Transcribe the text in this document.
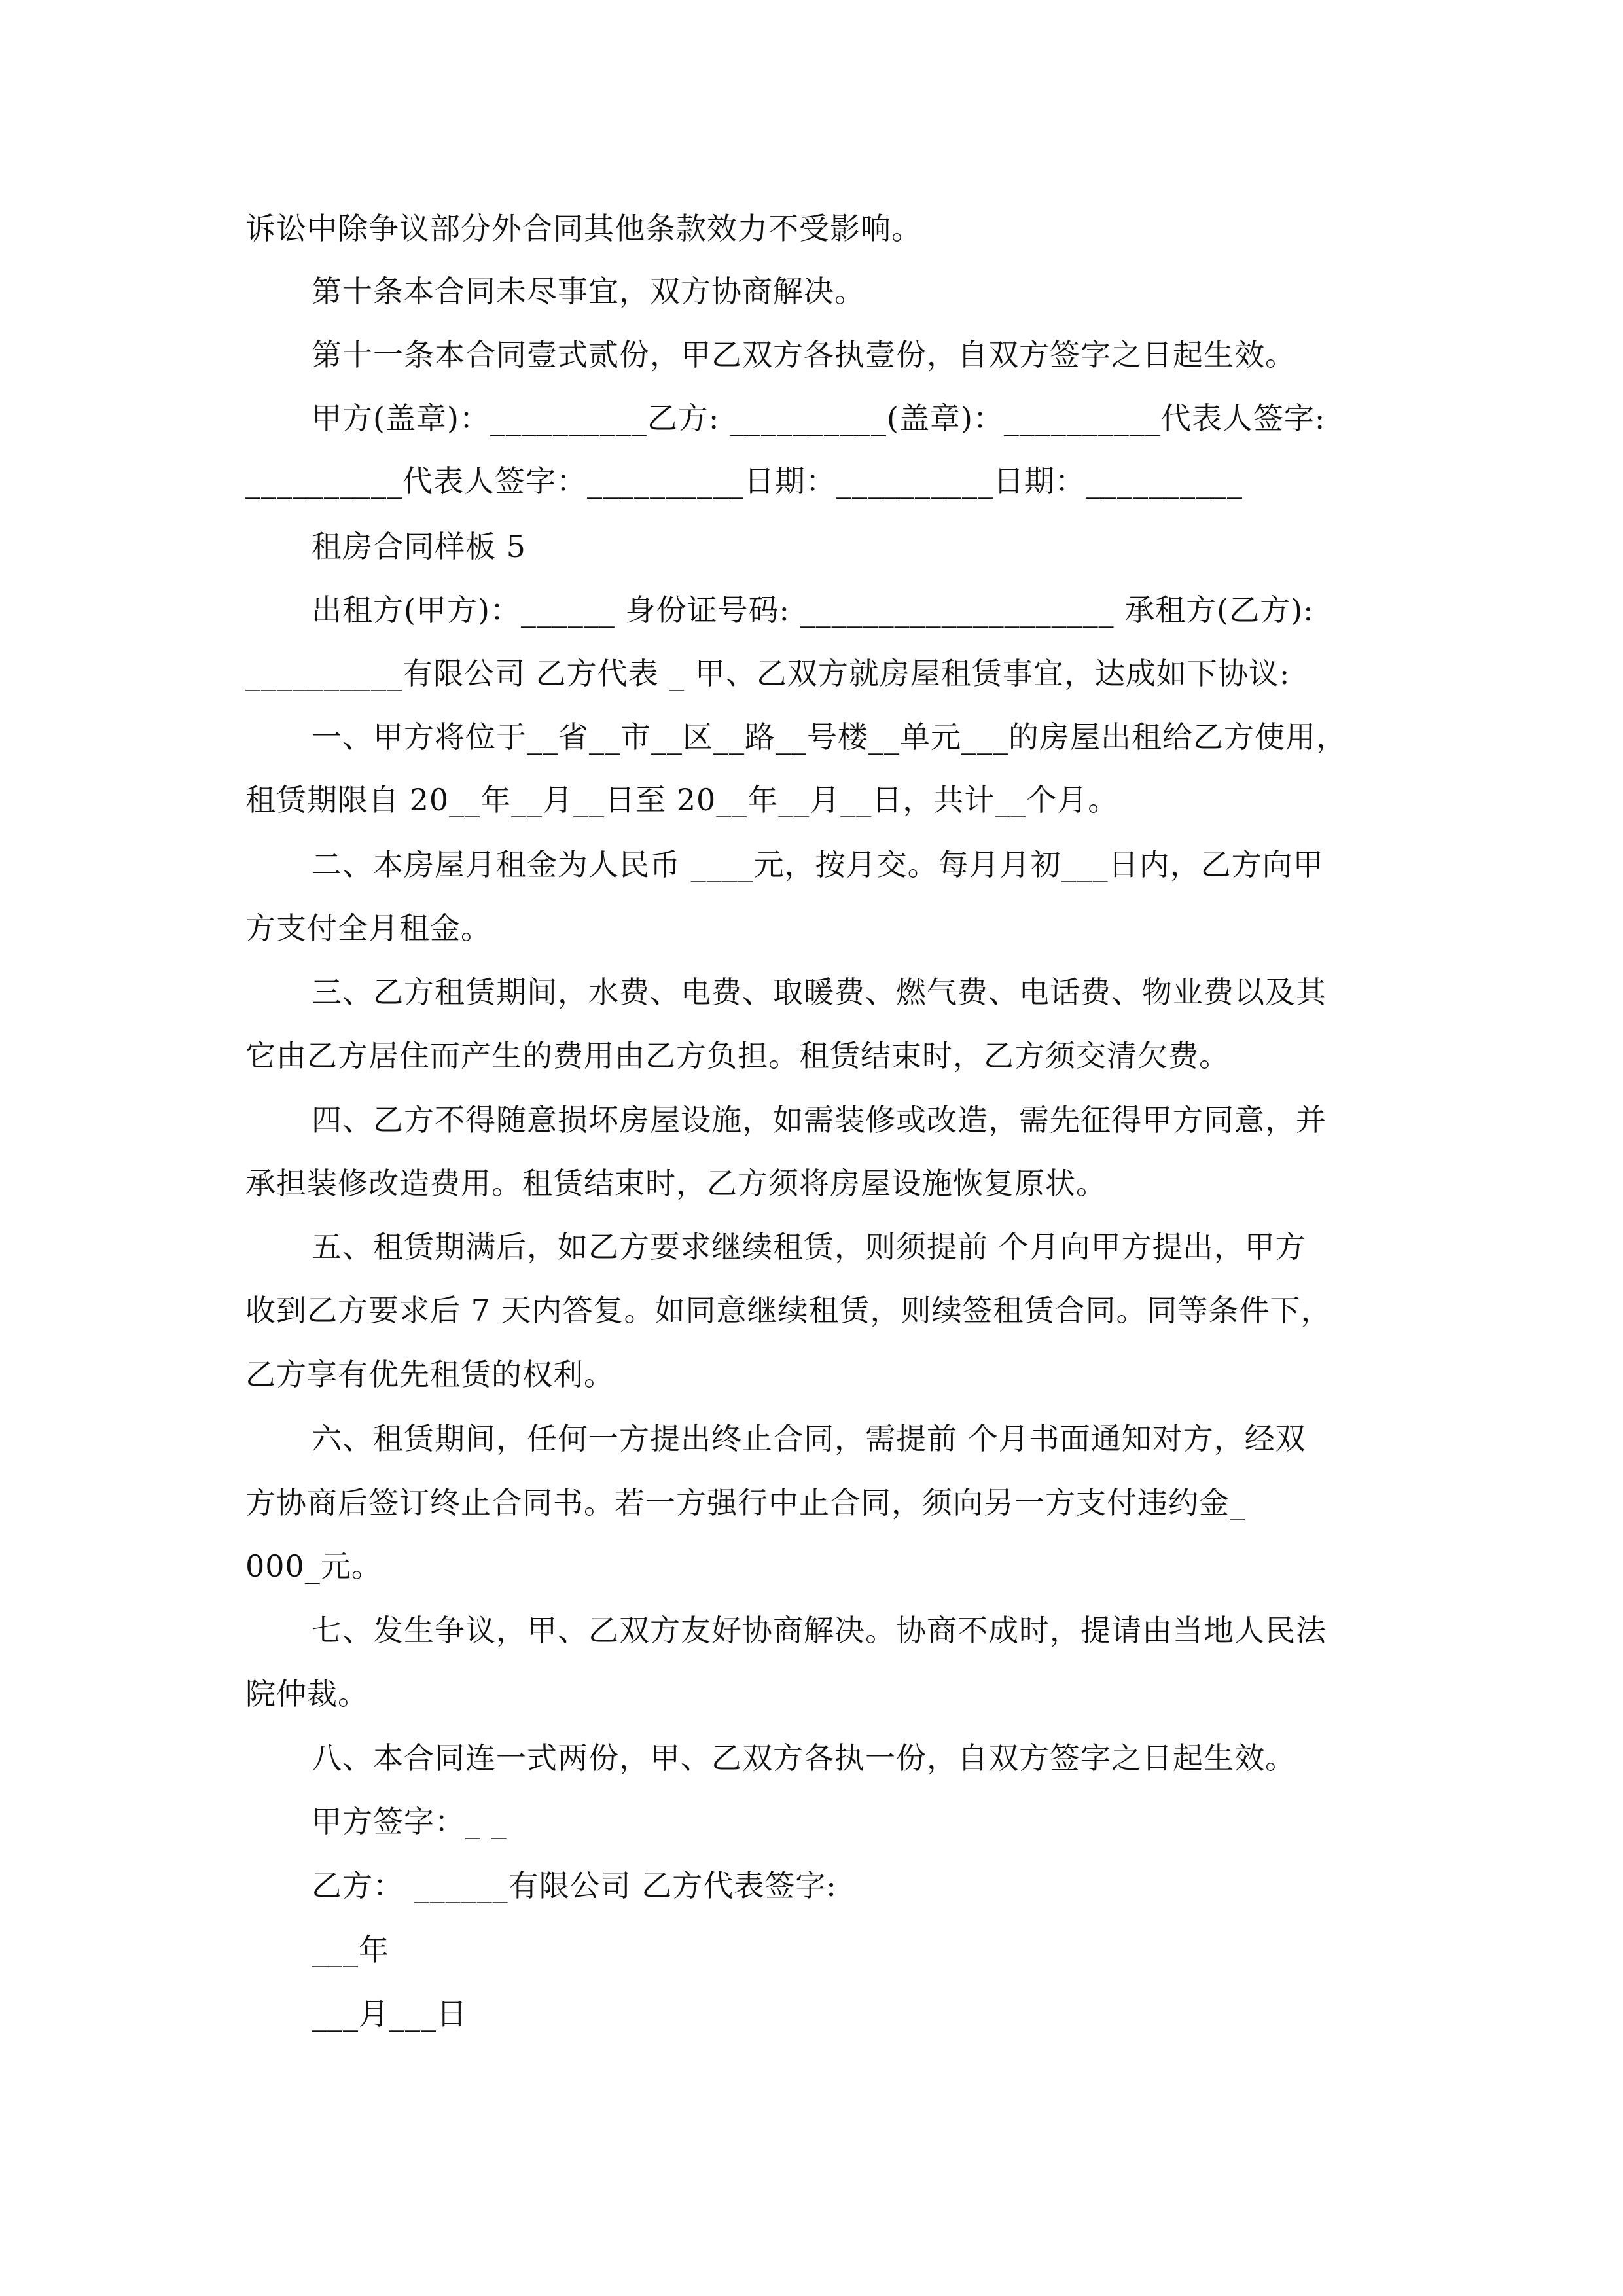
诉讼中除争议部分外合同其他条款效力不受影响。
第十条本合同未尽事宜，双方协商解决。
第十一条本合同壹式贰份，甲乙双方各执壹份，自双方签字之日起生效。
甲方(盖章)：__________乙方: __________(盖章)：__________代表人签字:
__________代表人签字：__________日期：__________日期：__________
租房合同样板 5
出租方(甲方)：______ 身份证号码: ____________________ 承租方(乙方):
__________有限公司 乙方代表 _ 甲、乙双方就房屋租赁事宜，达成如下协议:
一、甲方将位于__省__市__区__路__号楼__单元___的房屋出租给乙方使用，
租赁期限自 20__年__月__日至 20__年__月__日，共计__个月。
二、本房屋月租金为人民币 ____元，按月交。每月月初___日内，乙方向甲
方支付全月租金。
三、乙方租赁期间，水费、电费、取暖费、燃气费、电话费、物业费以及其
它由乙方居住而产生的费用由乙方负担。租赁结束时，乙方须交清欠费。
四、乙方不得随意损坏房屋设施，如需装修或改造，需先征得甲方同意，并
承担装修改造费用。租赁结束时，乙方须将房屋设施恢复原状。
五、租赁期满后，如乙方要求继续租赁，则须提前 个月向甲方提出，甲方
收到乙方要求后 7 天内答复。如同意继续租赁，则续签租赁合同。同等条件下，
乙方享有优先租赁的权利。
六、租赁期间，任何一方提出终止合同，需提前 个月书面通知对方，经双
方协商后签订终止合同书。若一方强行中止合同，须向另一方支付违约金_
000_元。
七、发生争议，甲、乙双方友好协商解决。协商不成时，提请由当地人民法
院仲裁。
八、本合同连一式两份，甲、乙双方各执一份，自双方签字之日起生效。
甲方签字：_ _
乙方： ______有限公司 乙方代表签字:
___年
___月___日
